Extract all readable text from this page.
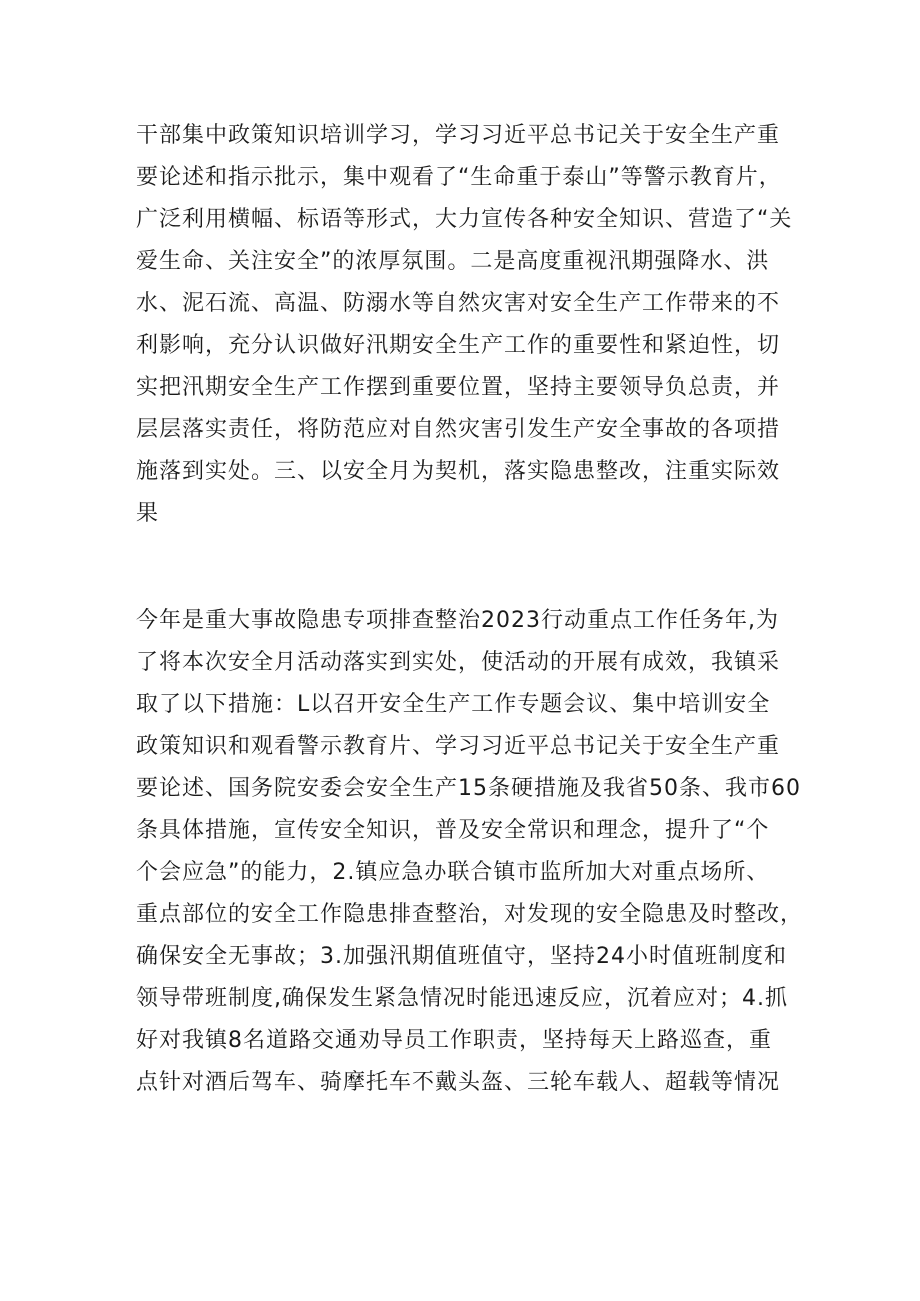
干部集中政策知识培训学习，学习习近平总书记关于安全生产重
要论述和指示批示，集中观看了“生命重于泰山”等警示教育片，
广泛利用横幅、标语等形式，大力宣传各种安全知识、营造了“关
爱生命、关注安全”的浓厚氛围。二是高度重视汛期强降水、洪
水、泥石流、高温、防溺水等自然灾害对安全生产工作带来的不
利影响，充分认识做好汛期安全生产工作的重要性和紧迫性，切
实把汛期安全生产工作摆到重要位置，坚持主要领导负总责，并
层层落实责任，将防范应对自然灾害引发生产安全事故的各项措
施落到实处。三、以安全月为契机，落实隐患整改，注重实际效
果
今年是重大事故隐患专项排查整治2023行动重点工作任务年,为
了将本次安全月活动落实到实处，使活动的开展有成效，我镇采
取了以下措施：L以召开安全生产工作专题会议、集中培训安全
政策知识和观看警示教育片、学习习近平总书记关于安全生产重
要论述、国务院安委会安全生产15条硬措施及我省50条、我市60
条具体措施，宣传安全知识，普及安全常识和理念，提升了“个
个会应急”的能力，2.镇应急办联合镇市监所加大对重点场所、
重点部位的安全工作隐患排查整治，对发现的安全隐患及时整改，
确保安全无事故；3.加强汛期值班值守，坚持24小时值班制度和
领导带班制度,确保发生紧急情况时能迅速反应，沉着应对；4.抓
好对我镇8名道路交通劝导员工作职责，坚持每天上路巡查，重
点针对酒后驾车、骑摩托车不戴头盔、三轮车载人、超载等情况
